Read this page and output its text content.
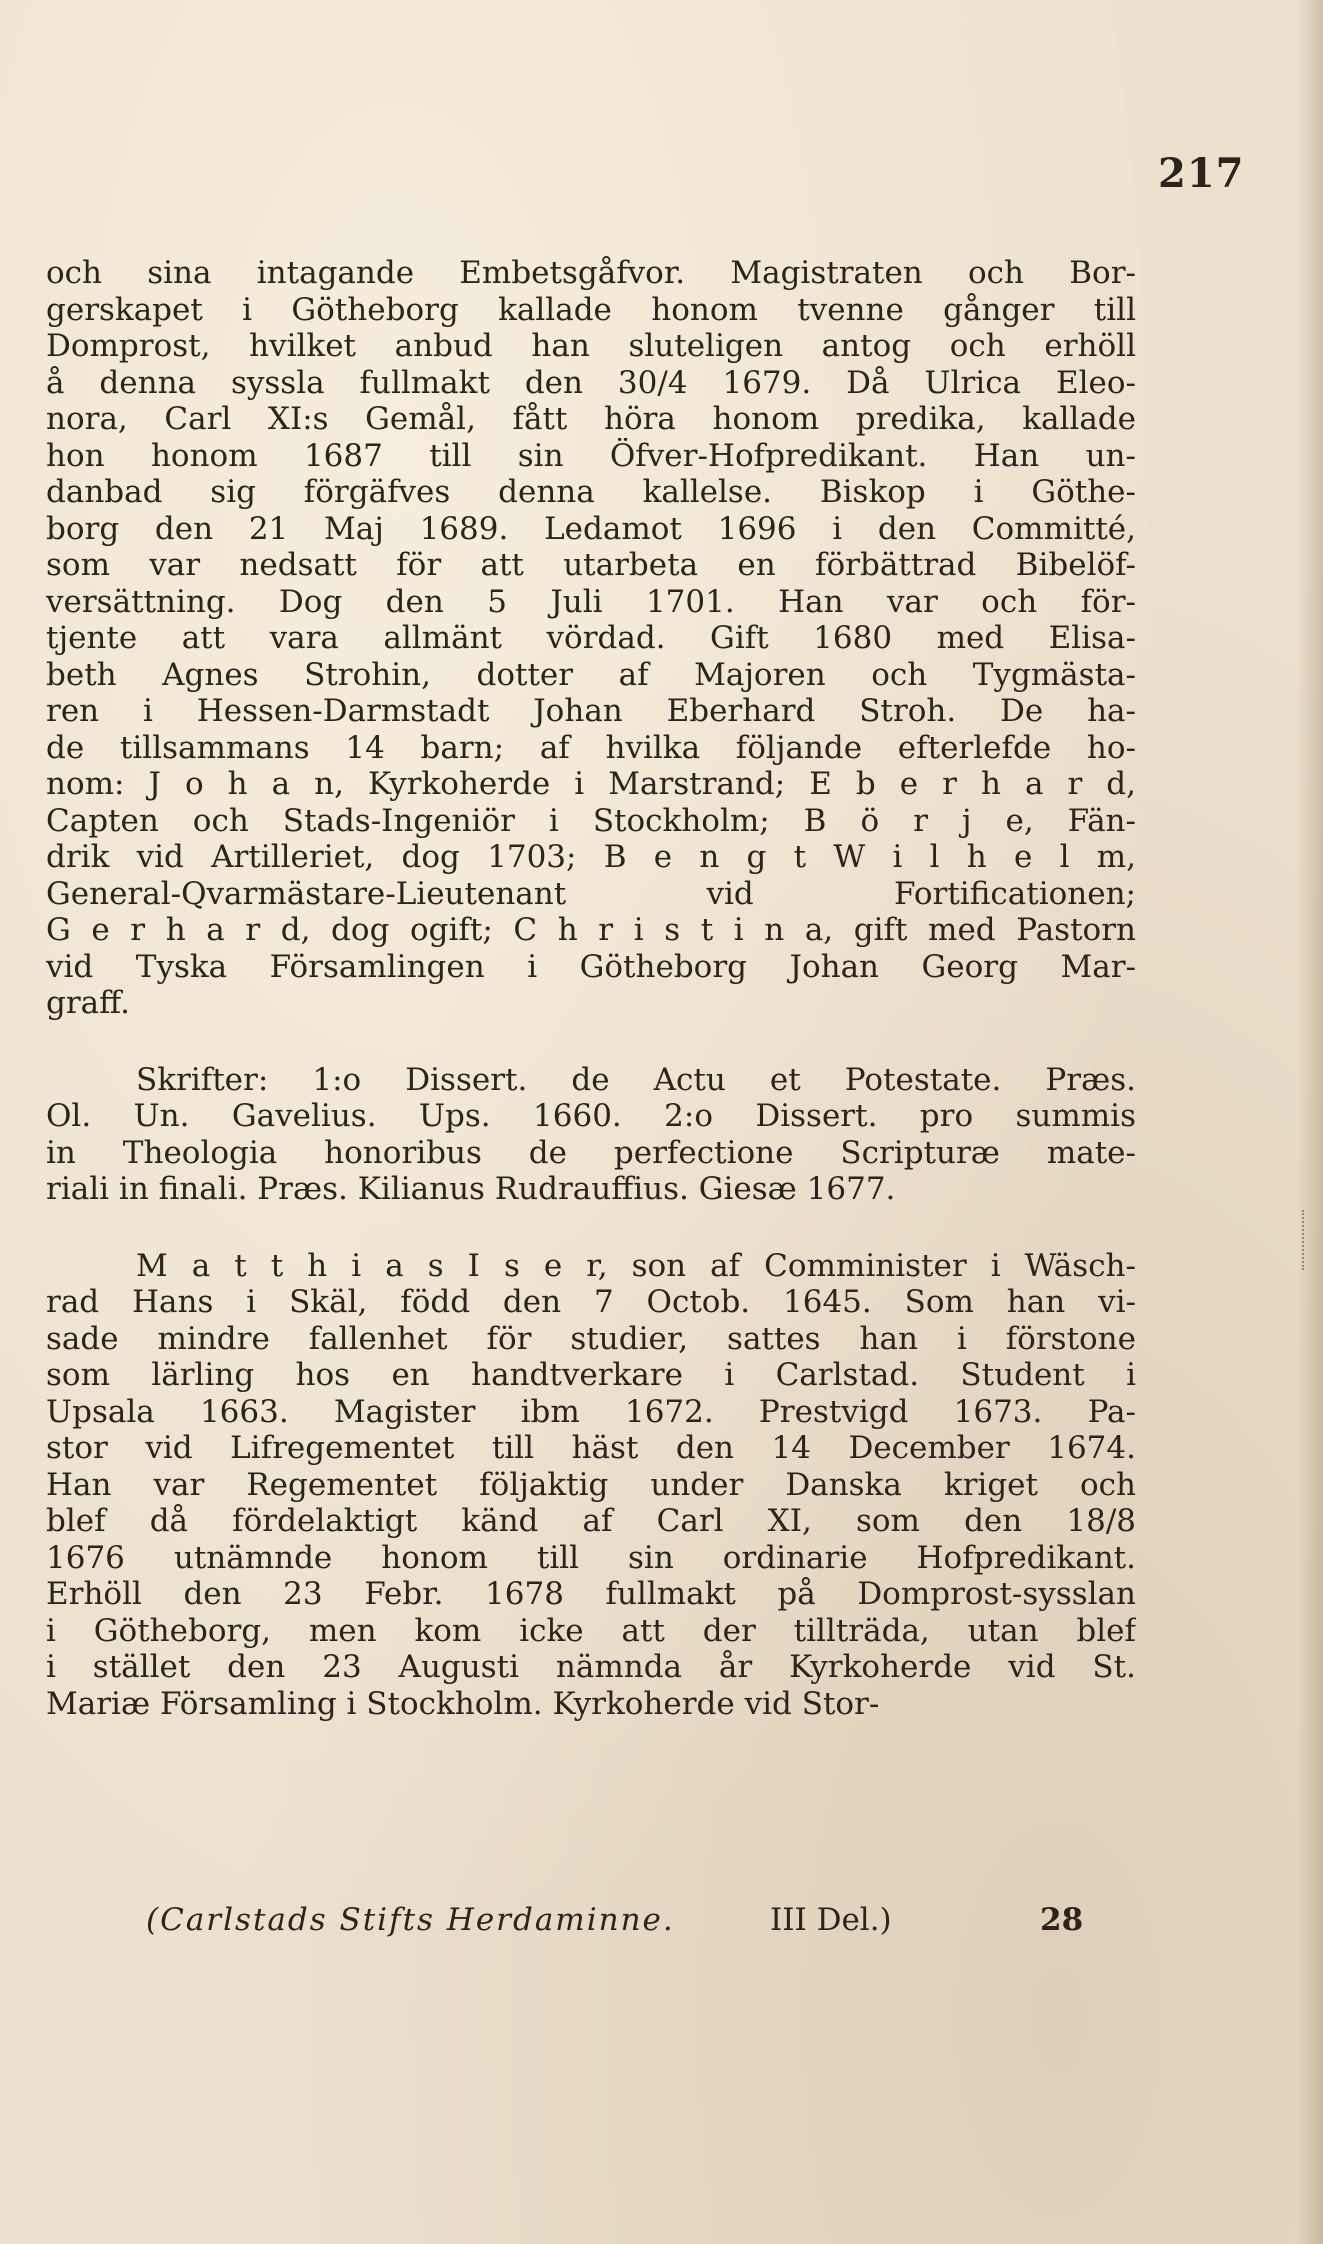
217
och sina intagande Embetsgåfvor. Magistraten och Bor-
gerskapet i Götheborg kallade honom tvenne gånger till
Domprost, hvilket anbud han sluteligen antog och erhöll
å denna syssla fullmakt den 30/4 1679. Då Ulrica Eleo-
nora, Carl XI:s Gemål, fått höra honom predika, kallade
hon honom 1687 till sin Öfver-Hofpredikant. Han un-
danbad sig förgäfves denna kallelse. Biskop i Göthe-
borg den 21 Maj 1689. Ledamot 1696 i den Committé,
som var nedsatt för att utarbeta en förbättrad Bibelöf-
versättning. Dog den 5 Juli 1701. Han var och för-
tjente att vara allmänt vördad. Gift 1680 med Elisa-
beth Agnes Strohin, dotter af Majoren och Tygmästa-
ren i Hessen-Darmstadt Johan Eberhard Stroh. De ha-
de tillsammans 14 barn; af hvilka följande efterlefde ho-
nom: J o h a n, Kyrkoherde i Marstrand; E b e r h a r d,
Capten och Stads-Ingeniör i Stockholm; B ö r j e, Fän-
drik vid Artilleriet, dog 1703; B e n g t W i l h e l m,
General-Qvarmästare-Lieutenant vid Fortificationen;
G e r h a r d, dog ogift; C h r i s t i n a, gift med Pastorn
vid Tyska Församlingen i Götheborg Johan Georg Mar-
graff.
Skrifter: 1:o Dissert. de Actu et Potestate. Præs.
Ol. Un. Gavelius. Ups. 1660. 2:o Dissert. pro summis
in Theologia honoribus de perfectione Scripturæ mate-
riali in finali. Præs. Kilianus Rudrauffius. Giesæ 1677.
M a t t h i a s I s e r, son af Comminister i Wäsch-
rad Hans i Skäl, född den 7 Octob. 1645. Som han vi-
sade mindre fallenhet för studier, sattes han i förstone
som lärling hos en handtverkare i Carlstad. Student i
Upsala 1663. Magister ibm 1672. Prestvigd 1673. Pa-
stor vid Lifregementet till häst den 14 December 1674.
Han var Regementet följaktig under Danska kriget och
blef då fördelaktigt känd af Carl XI, som den 18/8
1676 utnämnde honom till sin ordinarie Hofpredikant.
Erhöll den 23 Febr. 1678 fullmakt på Domprost-sysslan
i Götheborg, men kom icke att der tillträda, utan blef
i stället den 23 Augusti nämnda år Kyrkoherde vid St.
Mariæ Församling i Stockholm. Kyrkoherde vid Stor-
(Carlstads Stifts Herdaminne.	III Del.)	28
